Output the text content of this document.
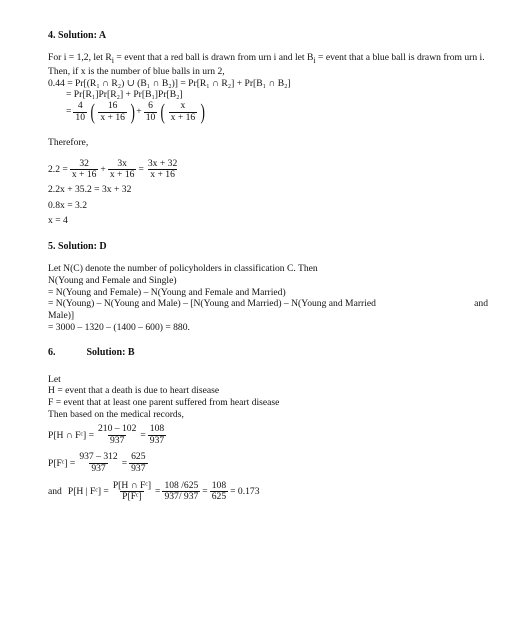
4. Solution: A

For i = 1,2, let $R_i$ = event that a red ball is drawn from urn i and let $B_i$ = event that a blue ball is drawn from urn i. Then, if x is the number of blue balls in urn 2,

0.44 = Pr[(R₁ ∩ R₂) ∪ (B₁ ∩ B₂)] = Pr[R₁ ∩ R₂] + Pr[B₁ ∩ B₂]
= Pr[R₁]Pr[R₂] + Pr[B₁]Pr[B₂]
= $\frac{4}{10}$ ( $\frac{16}{x + 16}$ ) + $\frac{6}{10}$ ( $\frac{x}{x + 16}$ )
Therefore,
$2.2 = \frac{32}{x + 16} + \frac{3x}{x + 16} = \frac{3x + 32}{x + 16}$
2.2x + 35.2 = 3x + 32
0.8x = 3.2
x = 4
5. Solution: D
Let N(C) denote the number of policyholders in classification C. Then
N(Young and Female and Single)
= N(Young and Female) – N(Young and Female and Married)
= N(Young) – N(Young and Male) – [N(Young and Married) – N(Young and Married	and
Male)]
= 3000 – 1320 – (1400 – 600) = 880.
6.	Solution: B
Let
H = event that a death is due to heart disease
F = event that at least one parent suffered from heart disease
Then based on the medical records,
P[H ∩ Fᶜ] = $\frac{210 - 102}{937} = \frac{108}{937}$
P[Fᶜ] = $\frac{937 - 312}{937} = \frac{625}{937}$
and P[H | Fᶜ] = $\frac{\text{P[H ∩ Fᶜ]}}{\text{P[Fᶜ]}} = \frac{108 /625}{937/ 937} = \frac{108}{625} = 0.173$
